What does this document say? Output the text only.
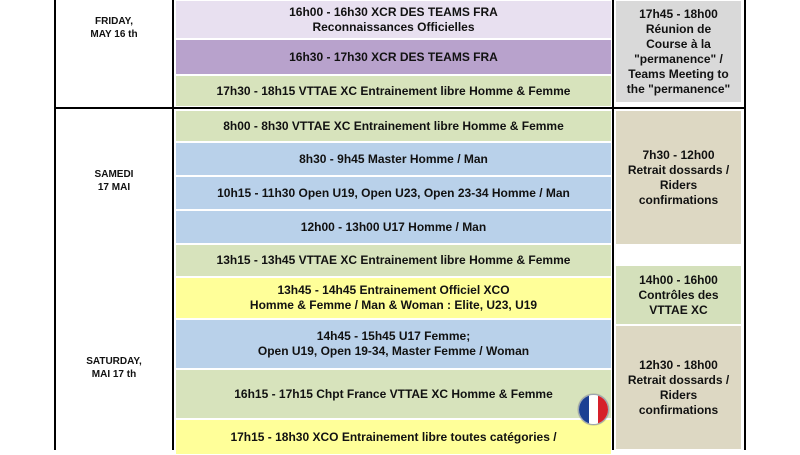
FRIDAY,
MAY 16 th
SAMEDI
17 MAI
SATURDAY,
MAI 17 th
16h00 - 16h30 XCR DES TEAMS FRA
Reconnaissances Officielles
16h30 - 17h30 XCR DES TEAMS FRA
17h30 - 18h15 VTTAE XC Entrainement libre Homme & Femme
8h00 - 8h30 VTTAE XC Entrainement libre Homme & Femme
8h30 - 9h45 Master Homme / Man
10h15 - 11h30 Open U19, Open U23, Open 23-34 Homme / Man
12h00 - 13h00 U17 Homme / Man
13h15 - 13h45 VTTAE XC Entrainement libre Homme & Femme
13h45 - 14h45 Entrainement Officiel XCO
Homme & Femme / Man & Woman : Elite, U23, U19
14h45 - 15h45 U17 Femme;
Open U19, Open 19-34, Master Femme / Woman
16h15 - 17h15 Chpt France VTTAE XC Homme & Femme
17h15 - 18h30 XCO Entrainement libre toutes catégories /
17h45 - 18h00
Réunion de
Course à la
"permanence" /
Teams Meeting to
the "permanence"
7h30 - 12h00
Retrait dossards /
Riders
confirmations
14h00 - 16h00
Contrôles des
VTTAE XC
12h30 - 18h00
Retrait dossards /
Riders
confirmations
